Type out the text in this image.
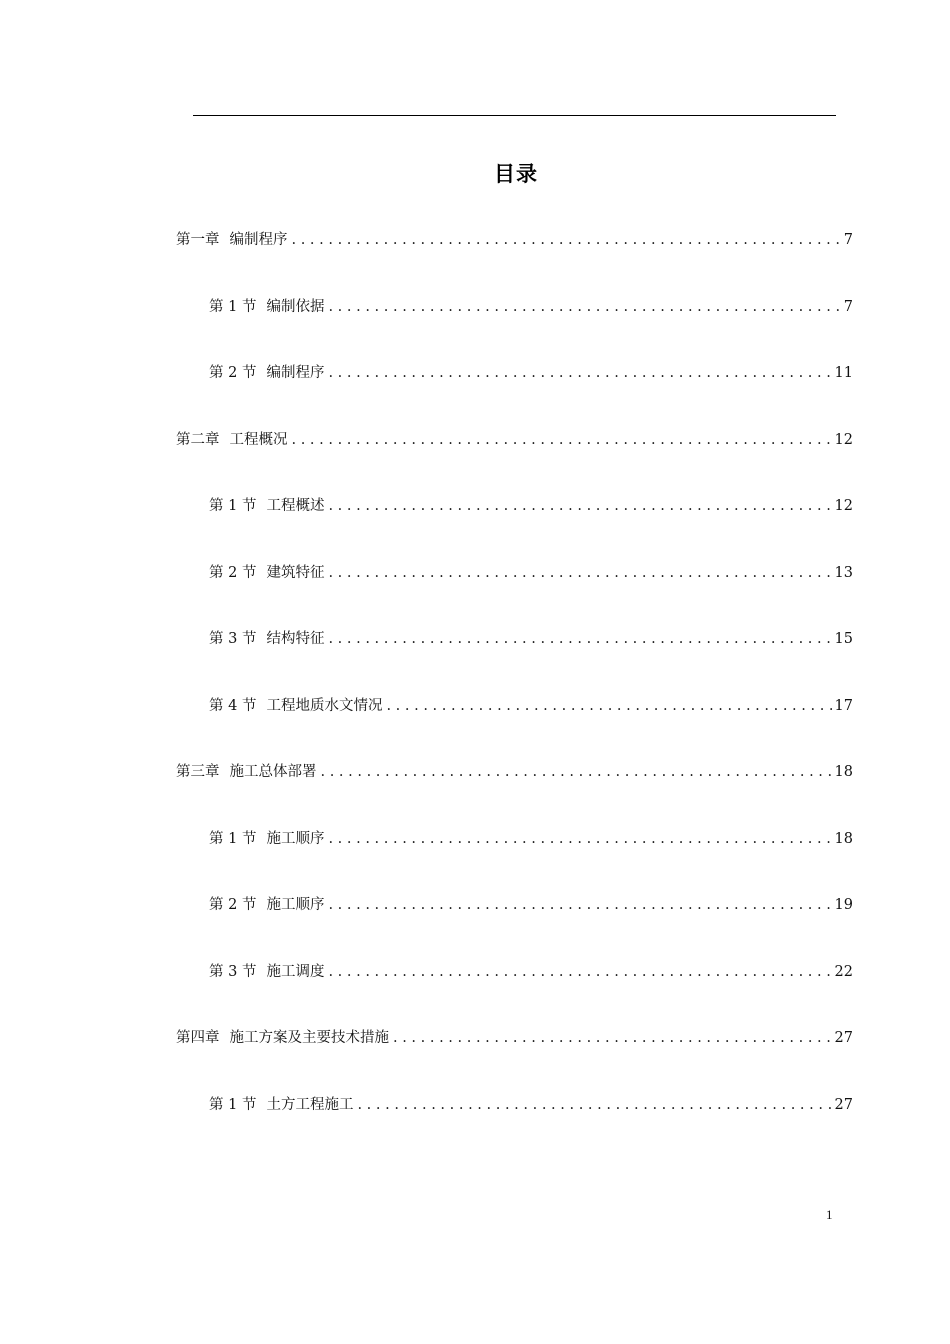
目录
第一章 编制程序 . . .	7
第 1 节 编制依据 . . .	7
第 2 节 编制程序 . . .	11
第二章 工程概况 . . .	12
第 1 节 工程概述 . . .	12
第 2 节 建筑特征 . . .	13
第 3 节 结构特征 . . .	15
第 4 节 工程地质水文情况 . . .	17
第三章 施工总体部署 . . .	18
第 1 节 施工顺序 . . .	18
第 2 节 施工顺序 . . .	19
第 3 节 施工调度 . . .	22
第四章 施工方案及主要技术措施 . . .	27
第 1 节 土方工程施工 . . .	27
1
